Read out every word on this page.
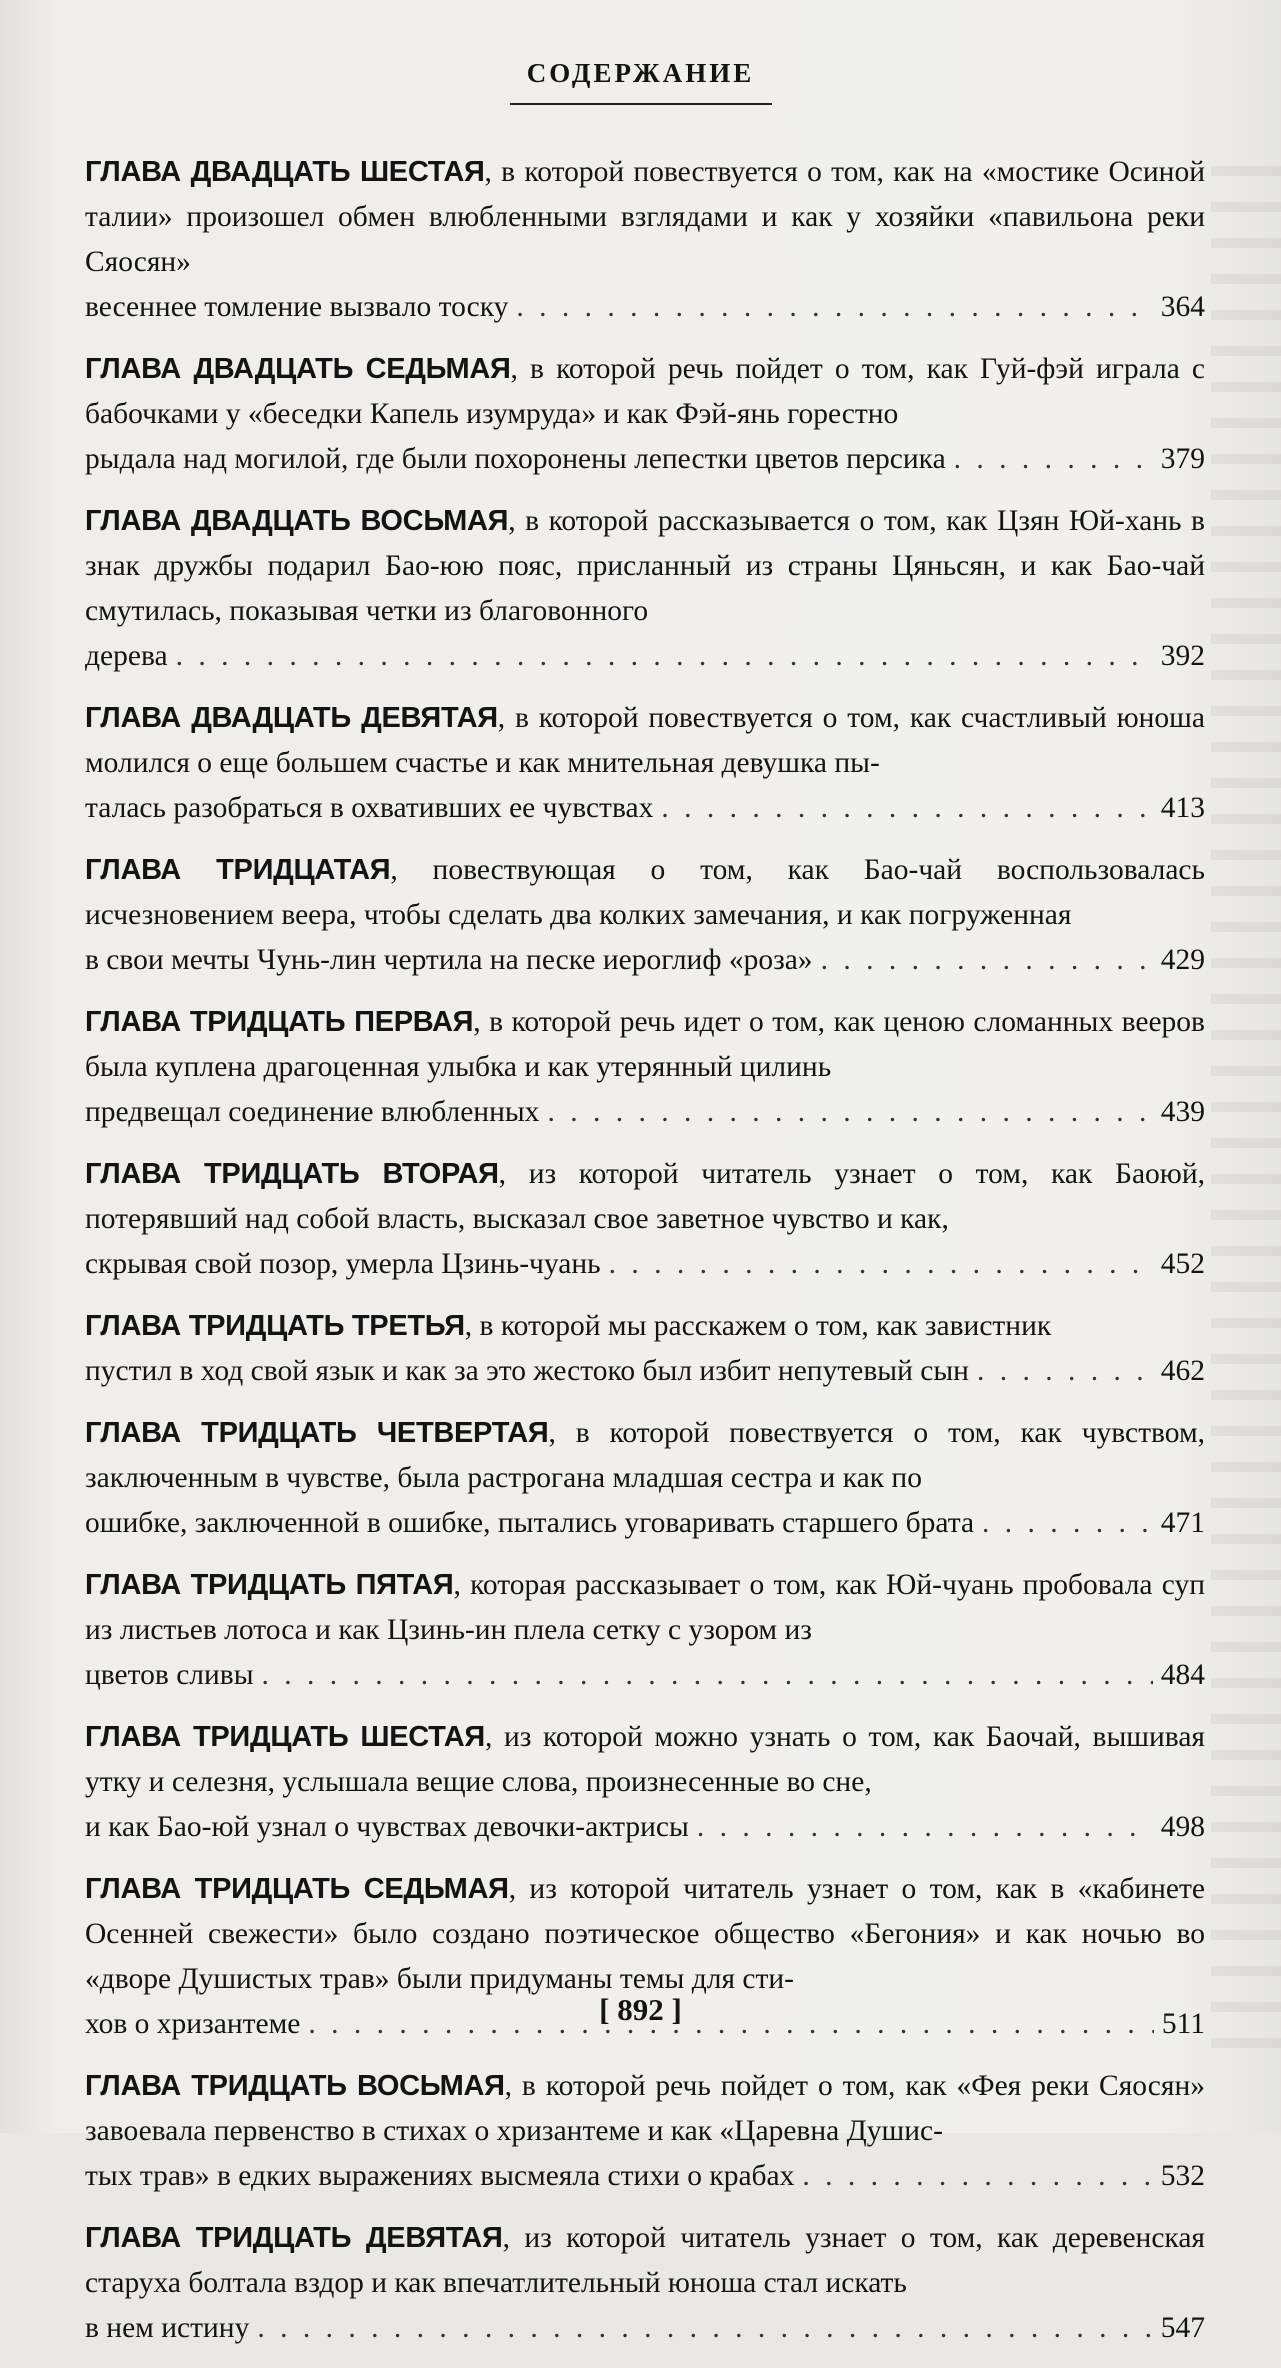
СОДЕРЖАНИЕ
ГЛАВА ДВАДЦАТЬ ШЕСТАЯ, в которой повествуется о том, как на «мостике Осиной талии» произошел обмен влюбленными взглядами и как у хозяйки «павильона реки Сяосян»
весеннее томление вызвало тоску . . .	364
ГЛАВА ДВАДЦАТЬ СЕДЬМАЯ, в которой речь пойдет о том, как Гуй-фэй играла с бабочками у «беседки Капель изумруда» и как Фэй-янь горестно
рыдала над могилой, где были похоронены лепестки цветов персика . . .	379
ГЛАВА ДВАДЦАТЬ ВОСЬМАЯ, в которой рассказывается о том, как Цзян Юй-хань в знак дружбы подарил Бао-юю пояс, присланный из страны Цяньсян, и как Бао-чай смутилась, показывая четки из благовонного
дерева . . .	392
ГЛАВА ДВАДЦАТЬ ДЕВЯТАЯ, в которой повествуется о том, как счастливый юноша молился о еще большем счастье и как мнительная девушка пы-
талась разобраться в охвативших ее чувствах . . .	413
ГЛАВА ТРИДЦАТАЯ, повествующая о том, как Бао-чай воспользовалась исчезновением веера, чтобы сделать два колких замечания, и как погруженная
в свои мечты Чунь-лин чертила на песке иероглиф «роза» . . .	429
ГЛАВА ТРИДЦАТЬ ПЕРВАЯ, в которой речь идет о том, как ценою сломанных вееров была куплена драгоценная улыбка и как утерянный цилинь
предвещал соединение влюбленных . . .	439
ГЛАВА ТРИДЦАТЬ ВТОРАЯ, из которой читатель узнает о том, как Баоюй, потерявший над собой власть, высказал свое заветное чувство и как,
скрывая свой позор, умерла Цзинь-чуань . . .	452
ГЛАВА ТРИДЦАТЬ ТРЕТЬЯ, в которой мы расскажем о том, как завистник
пустил в ход свой язык и как за это жестоко был избит непутевый сын . . .	462
ГЛАВА ТРИДЦАТЬ ЧЕТВЕРТАЯ, в которой повествуется о том, как чувством, заключенным в чувстве, была растрогана младшая сестра и как по
ошибке, заключенной в ошибке, пытались уговаривать старшего брата . . .	471
ГЛАВА ТРИДЦАТЬ ПЯТАЯ, которая рассказывает о том, как Юй-чуань пробовала суп из листьев лотоса и как Цзинь-ин плела сетку с узором из
цветов сливы . . .	484
ГЛАВА ТРИДЦАТЬ ШЕСТАЯ, из которой можно узнать о том, как Баочай, вышивая утку и селезня, услышала вещие слова, произнесенные во сне,
и как Бао-юй узнал о чувствах девочки-актрисы . . .	498
ГЛАВА ТРИДЦАТЬ СЕДЬМАЯ, из которой читатель узнает о том, как в «кабинете Осенней свежести» было создано поэтическое общество «Бегония» и как ночью во «дворе Душистых трав» были придуманы темы для сти-
хов о хризантеме . . .	511
ГЛАВА ТРИДЦАТЬ ВОСЬМАЯ, в которой речь пойдет о том, как «Фея реки Сяосян» завоевала первенство в стихах о хризантеме и как «Царевна Душис-
тых трав» в едких выражениях высмеяла стихи о крабах . . .	532
ГЛАВА ТРИДЦАТЬ ДЕВЯТАЯ, из которой читатель узнает о том, как деревенская старуха болтала вздор и как впечатлительный юноша стал искать
в нем истину . . .	547
[ 892 ]
